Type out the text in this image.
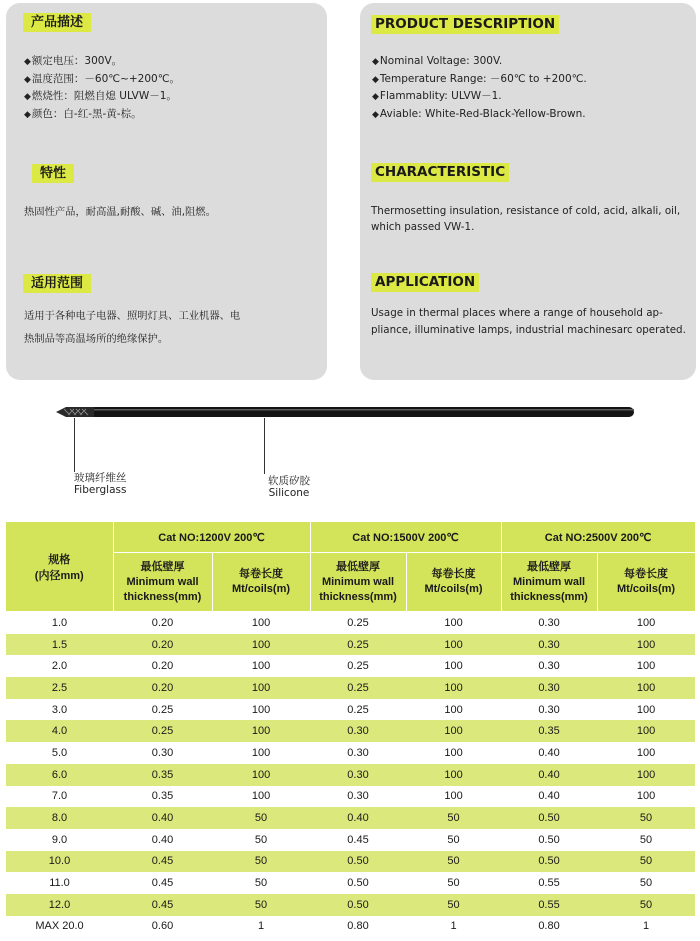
产品描述
◆ 额定电压：300V。
◆ 温度范围：－60℃~+200℃。
◆ 燃烧性：阻燃自熄 ULVW－1。
◆ 颜色：白-红-黑-黄-棕。
特性

热固性产品，耐高温,耐酸、碱、油,阻燃。

适用范围

适用于各种电子电器、照明灯具、工业机器、电
热制品等高温场所的绝缘保护。

PRODUCT DESCRIPTION
◆ Nominal Voltage: 300V.
◆ Temperature Range: －60℃ to +200℃.
◆ Flammablity: ULVW－1.
◆ Aviable: White-Red-Black-Yellow-Brown.
CHARACTERISTIC

Thermosetting insulation, resistance of cold, acid, alkali, oil,
which passed VW-1.

APPLICATION

Usage in thermal places where a range of household ap-
pliance, illuminative lamps, industrial machinesarc operated.

玻璃纤维丝
Fiberglass
软质矽胶
Silicone
规格
(内径mm)	Cat NO:1200V 200℃		Cat NO:1500V 200℃		Cat NO:2500V 200℃	
	最低壁厚
Minimum wall
thickness(mm)	每卷长度
Mt/coils(m)	最低壁厚
Minimum wall
thickness(mm)	每卷长度
Mt/coils(m)	最低壁厚
Minimum wall
thickness(mm)	每卷长度
Mt/coils(m)
1.0	0.20	100	0.25	100	0.30	100
1.5	0.20	100	0.25	100	0.30	100
2.0	0.20	100	0.25	100	0.30	100
2.5	0.20	100	0.25	100	0.30	100
3.0	0.25	100	0.25	100	0.30	100
4.0	0.25	100	0.30	100	0.35	100
5.0	0.30	100	0.30	100	0.40	100
6.0	0.35	100	0.30	100	0.40	100
7.0	0.35	100	0.30	100	0.40	100
8.0	0.40	50	0.40	50	0.50	50
9.0	0.40	50	0.45	50	0.50	50
10.0	0.45	50	0.50	50	0.50	50
11.0	0.45	50	0.50	50	0.55	50
12.0	0.45	50	0.50	50	0.55	50
MAX 20.0	0.60	1	0.80	1	0.80	1
